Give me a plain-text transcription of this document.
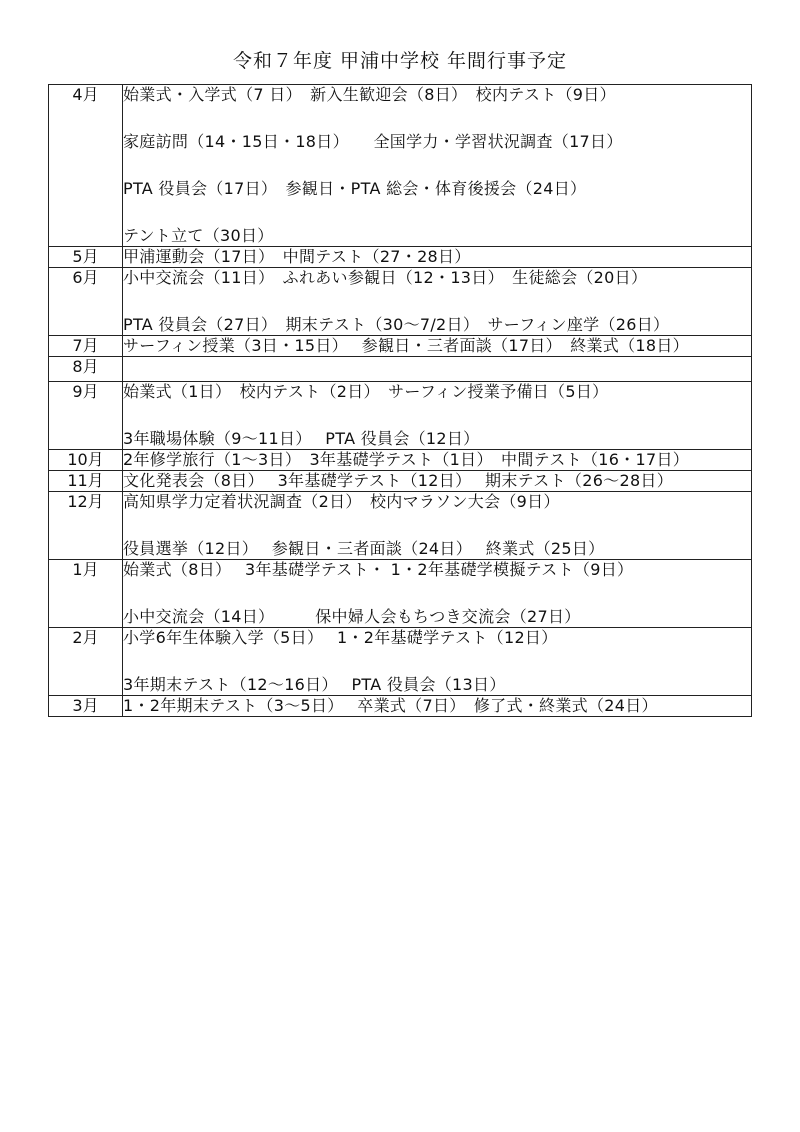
令和７年度 甲浦中学校 年間行事予定
4月	始業式・入学式（7 日）　新入生歓迎会（8日）　校内テスト（9日）
家庭訪問（14・15日・18日）　　全国学力・学習状況調査（17日）
PTA 役員会（17日）　参観日・PTA 総会・体育後援会（24日）
テント立て（30日）

5月	甲浦運動会（17日）　中間テスト（27・28日）

6月	小中交流会（11日）　ふれあい参観日（12・13日）　生徒総会（20日）
PTA 役員会（27日）　期末テスト（30～7/2日）　サーフィン座学（26日）

7月	サーフィン授業（3日・15日）　 参観日・三者面談（17日）　終業式（18日）

8月	
9月	始業式（1日）　校内テスト（2日）　サーフィン授業予備日（5日）
3年職場体験（9～11日）　 PTA 役員会（12日）

10月	2年修学旅行（1～3日）　3年基礎学テスト（1日）　中間テスト（16・17日）

11月	文化発表会（8日）　 3年基礎学テスト（12日）　 期末テスト（26～28日）

12月	高知県学力定着状況調査（2日）　校内マラソン大会（9日）
役員選挙（12日）　 参観日・三者面談（24日）　 終業式（25日）

1月	始業式（8日）　 3年基礎学テスト・ 1・2年基礎学模擬テスト（9日）
小中交流会（14日）　　　保中婦人会もちつき交流会（27日）

2月	小学6年生体験入学（5日）　 1・2年基礎学テスト（12日）
3年期末テスト（12～16日）　 PTA 役員会（13日）

3月	1・2年期末テスト（3～5日）　 卒業式（7日）　修了式・終業式（24日）
